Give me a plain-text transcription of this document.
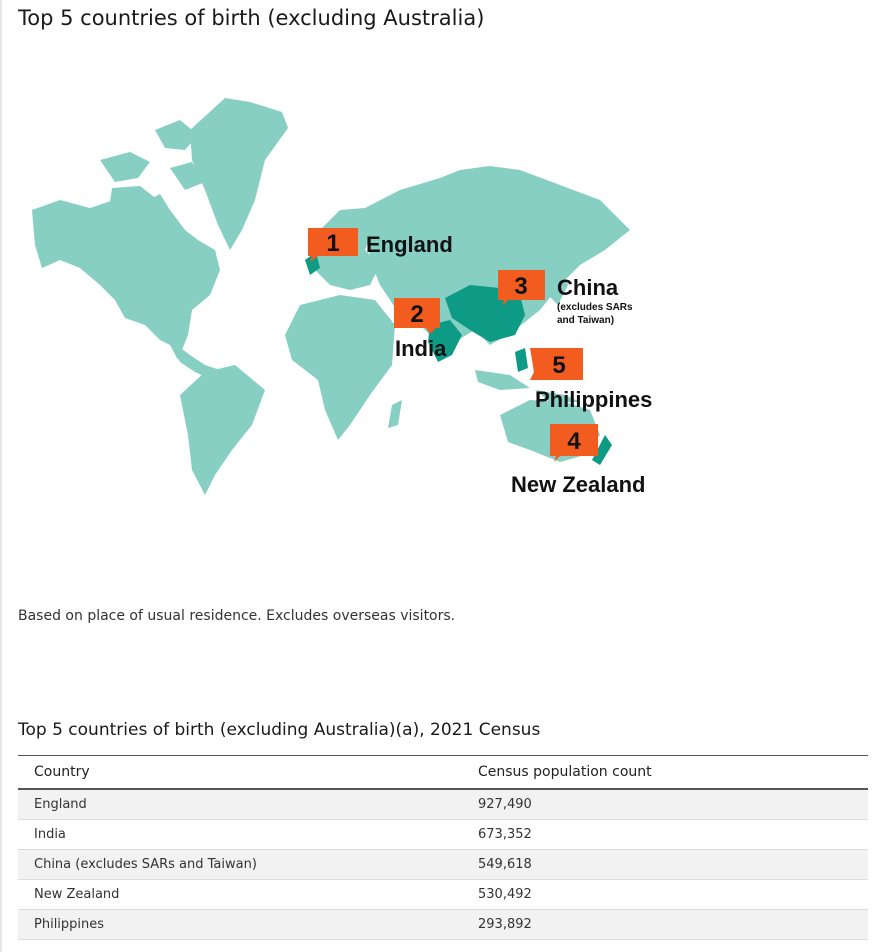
Top 5 countries of birth (excluding Australia)
1 England
2
India
3 China
(excludes SARs
and Taiwan)
5
Philippines
4
New Zealand

Based on place of usual residence. Excludes overseas visitors.

Top 5 countries of birth (excluding Australia)(a), 2021 Census
Country	Census population count
England	927,490
India	673,352
China (excludes SARs and Taiwan)	549,618
New Zealand	530,492
Philippines	293,892
